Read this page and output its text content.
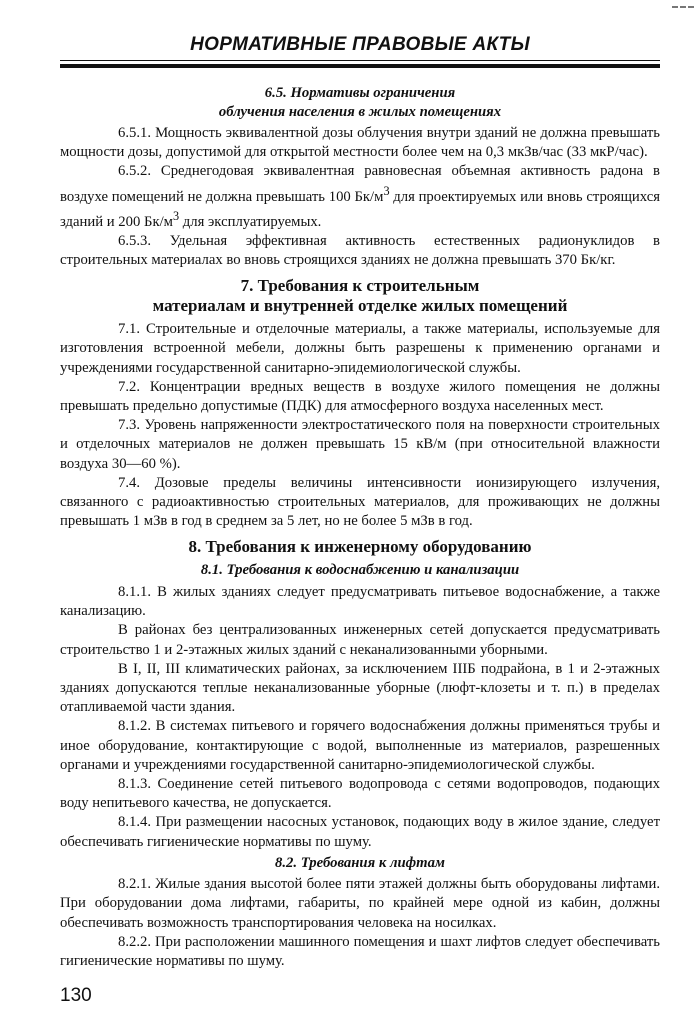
НОРМАТИВНЫЕ ПРАВОВЫЕ АКТЫ
6.5. Нормативы ограничения
облучения населения в жилых помещениях

6.5.1. Мощность эквивалентной дозы облучения внутри зданий не должна превышать мощности дозы, допустимой для открытой местности более чем на 0,3 мкЗв/час (33 мкР/час).

6.5.2. Среднегодовая эквивалентная равновесная объемная активность радона в воздухе помещений не должна превышать 100 $Бк/м^3$ для проектируемых или вновь строящихся зданий и 200 $Бк/м^3$ для эксплуатируемых.

6.5.3. Удельная эффективная активность естественных радионуклидов в строительных материалах во вновь строящихся зданиях не должна превышать 370 Бк/кг.

7. Требования к строительным
материалам и внутренней отделке жилых помещений

7.1. Строительные и отделочные материалы, а также материалы, используемые для изготовления встроенной мебели, должны быть разрешены к применению органами и учреждениями государственной санитарно-эпидемиологической службы.

7.2. Концентрации вредных веществ в воздухе жилого помещения не должны превышать предельно допустимые (ПДК) для атмосферного воздуха населенных мест.

7.3. Уровень напряженности электростатического поля на поверхности строительных и отделочных материалов не должен превышать 15 кВ/м (при относительной влажности воздуха 30—60 %).

7.4. Дозовые пределы величины интенсивности ионизирующего излучения, связанного с радиоактивностью строительных материалов, для проживающих не должны превышать 1 мЗв в год в среднем за 5 лет, но не более 5 мЗв в год.

8. Требования к инженерному оборудованию
8.1. Требования к водоснабжению и канализации

8.1.1. В жилых зданиях следует предусматривать питьевое водоснабжение, а также канализацию.

В районах без централизованных инженерных сетей допускается предусматривать строительство 1 и 2-этажных жилых зданий с неканализованными уборными.

В I, II, III климатических районах, за исключением IIIБ подрайона, в 1 и 2-этажных зданиях допускаются теплые неканализованные уборные (люфт-клозеты и т. п.) в пределах отапливаемой части здания.

8.1.2. В системах питьевого и горячего водоснабжения должны применяться трубы и иное оборудование, контактирующие с водой, выполненные из материалов, разрешенных органами и учреждениями государственной санитарно-эпидемиологической службы.

8.1.3. Соединение сетей питьевого водопровода с сетями водопроводов, подающих воду непитьевого качества, не допускается.

8.1.4. При размещении насосных установок, подающих воду в жилое здание, следует обеспечивать гигиенические нормативы по шуму.

8.2. Требования к лифтам

8.2.1. Жилые здания высотой более пяти этажей должны быть оборудованы лифтами. При оборудовании дома лифтами, габариты, по крайней мере одной из кабин, должны обеспечивать возможность транспортирования человека на носилках.

8.2.2. При расположении машинного помещения и шахт лифтов следует обеспечивать гигиенические нормативы по шуму.

130
